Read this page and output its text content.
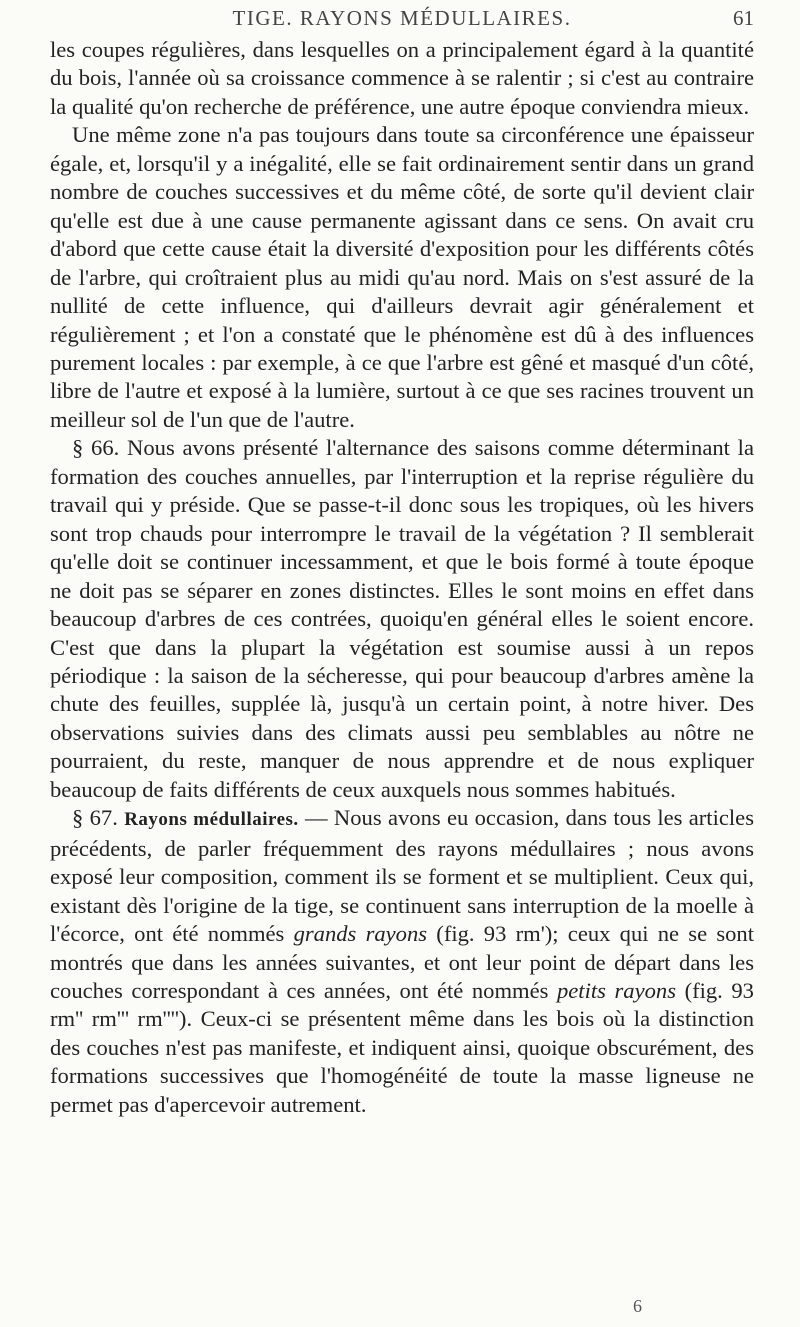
TIGE. RAYONS MÉDULLAIRES.	61

les coupes régulières, dans lesquelles on a principalement égard à la quantité du bois, l'année où sa croissance commence à se ralentir ; si c'est au contraire la qualité qu'on recherche de préférence, une autre époque conviendra mieux.

Une même zone n'a pas toujours dans toute sa circonférence une épaisseur égale, et, lorsqu'il y a inégalité, elle se fait ordinairement sentir dans un grand nombre de couches successives et du même côté, de sorte qu'il devient clair qu'elle est due à une cause permanente agissant dans ce sens. On avait cru d'abord que cette cause était la diversité d'exposition pour les différents côtés de l'arbre, qui croîtraient plus au midi qu'au nord. Mais on s'est assuré de la nullité de cette influence, qui d'ailleurs devrait agir généralement et régulièrement ; et l'on a constaté que le phénomène est dû à des influences purement locales : par exemple, à ce que l'arbre est gêné et masqué d'un côté, libre de l'autre et exposé à la lumière, surtout à ce que ses racines trouvent un meilleur sol de l'un que de l'autre.

§ 66. Nous avons présenté l'alternance des saisons comme déterminant la formation des couches annuelles, par l'interruption et la reprise régulière du travail qui y préside. Que se passe-t-il donc sous les tropiques, où les hivers sont trop chauds pour interrompre le travail de la végétation ? Il semblerait qu'elle doit se continuer incessamment, et que le bois formé à toute époque ne doit pas se séparer en zones distinctes. Elles le sont moins en effet dans beaucoup d'arbres de ces contrées, quoiqu'en général elles le soient encore. C'est que dans la plupart la végétation est soumise aussi à un repos périodique : la saison de la sécheresse, qui pour beaucoup d'arbres amène la chute des feuilles, supplée là, jusqu'à un certain point, à notre hiver. Des observations suivies dans des climats aussi peu semblables au nôtre ne pourraient, du reste, manquer de nous apprendre et de nous expliquer beaucoup de faits différents de ceux auxquels nous sommes habitués.

§ 67. Rayons médullaires. — Nous avons eu occasion, dans tous les articles précédents, de parler fréquemment des rayons médullaires ; nous avons exposé leur composition, comment ils se forment et se multiplient. Ceux qui, existant dès l'origine de la tige, se continuent sans interruption de la moelle à l'écorce, ont été nommés grands rayons (fig. 93 rm'); ceux qui ne se sont montrés que dans les années suivantes, et ont leur point de départ dans les couches correspondant à ces années, ont été nommés petits rayons (fig. 93 rm'' rm''' rm''''). Ceux-ci se présentent même dans les bois où la distinction des couches n'est pas manifeste, et indiquent ainsi, quoique obscurément, des formations successives que l'homogénéité de toute la masse ligneuse ne permet pas d'apercevoir autrement.

6
